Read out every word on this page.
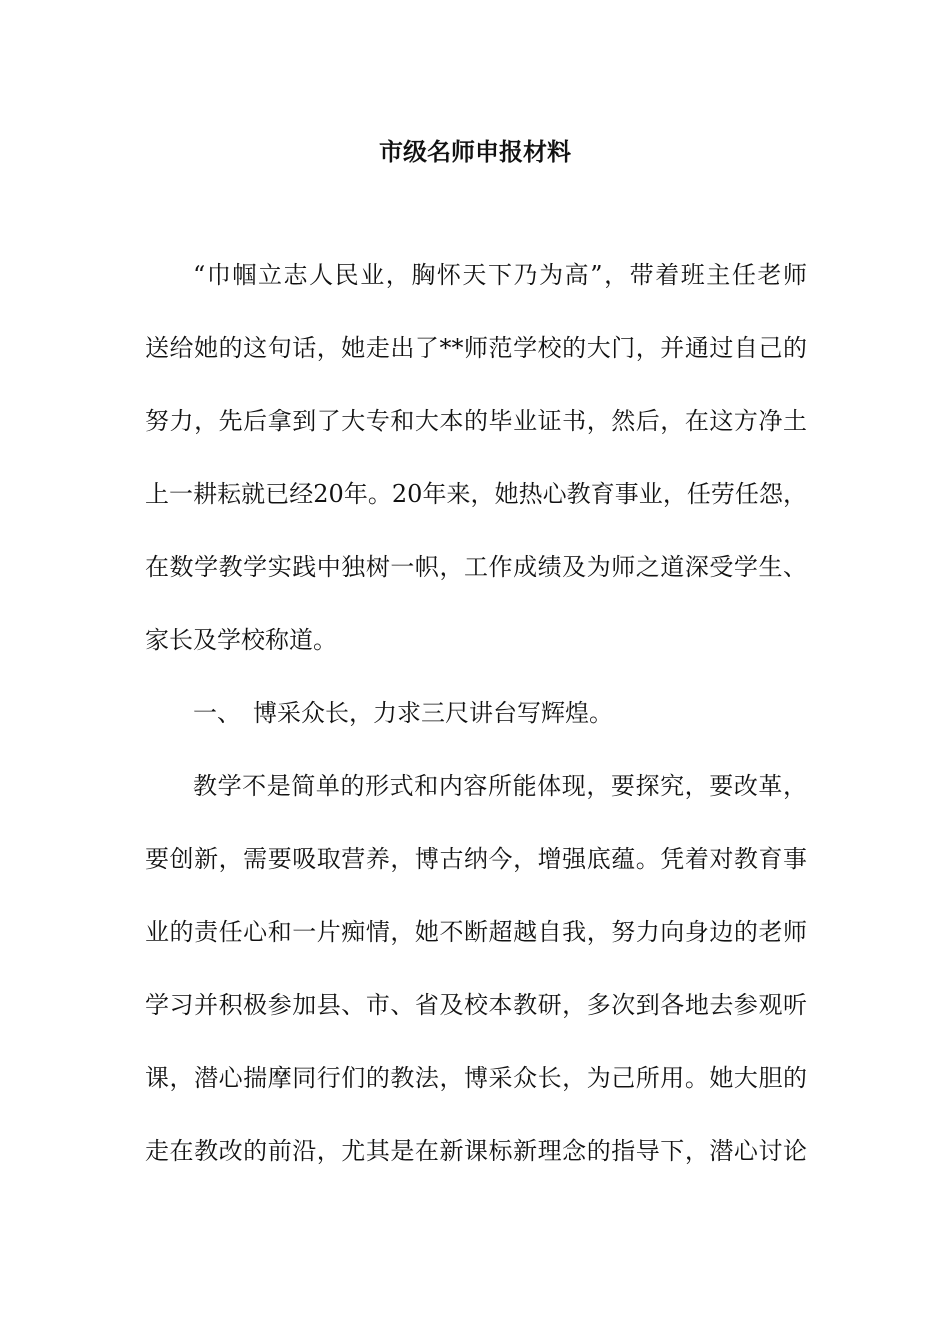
市级名师申报材料
“巾帼立志人民业，胸怀天下乃为高”，带着班主任老师
送给她的这句话，她走出了**师范学校的大门，并通过自己的
努力，先后拿到了大专和大本的毕业证书，然后，在这方净土
上一耕耘就已经20年。20年来，她热心教育事业，任劳任怨，
在数学教学实践中独树一帜，工作成绩及为师之道深受学生、
家长及学校称道。
一、　博采众长，力求三尺讲台写辉煌。
教学不是简单的形式和内容所能体现，要探究，要改革，
要创新，需要吸取营养，博古纳今，增强底蕴。凭着对教育事
业的责任心和一片痴情，她不断超越自我，努力向身边的老师
学习并积极参加县、市、省及校本教研，多次到各地去参观听
课，潜心揣摩同行们的教法，博采众长，为己所用。她大胆的
走在教改的前沿，尤其是在新课标新理念的指导下，潜心讨论
